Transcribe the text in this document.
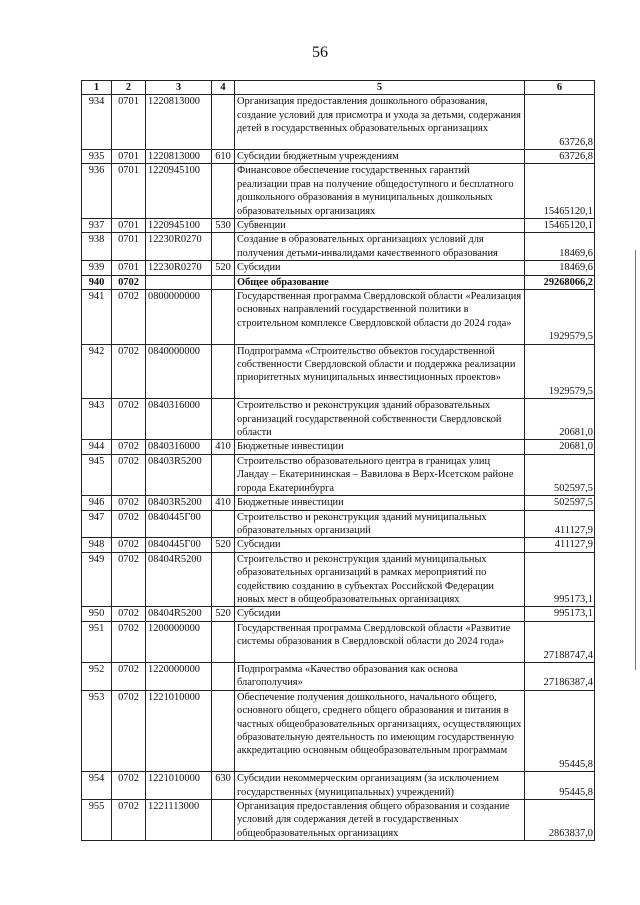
56
1	2	3	4	5	6
934	0701	1220813000		Организация предоставления дошкольного образования, создание условий для присмотра и ухода за детьми, содержания детей в государственных образовательных организациях	63726,8
935	0701	1220813000	610	Субсидии бюджетным учреждениям	63726,8
936	0701	1220945100		Финансовое обеспечение государственных гарантий реализации прав на получение общедоступного и бесплатного дошкольного образования в муниципальных дошкольных образовательных организациях	15465120,1
937	0701	1220945100	530	Субвенции	15465120,1
938	0701	12230R0270		Создание в образовательных организациях условий для получения детьми-инвалидами качественного образования	18469,6
939	0701	12230R0270	520	Субсидии	18469,6
940	0702			Общее образование	29268066,2
941	0702	0800000000		Государственная программа Свердловской области «Реализация основных направлений государственной политики в строительном комплексе Свердловской области до 2024 года»	1929579,5
942	0702	0840000000		Подпрограмма «Строительство объектов государственной собственности Свердловской области и поддержка реализации приоритетных муниципальных инвестиционных проектов»	1929579,5
943	0702	0840316000		Строительство и реконструкция зданий образовательных организаций государственной собственности Свердловской области	20681,0
944	0702	0840316000	410	Бюджетные инвестиции	20681,0
945	0702	08403R5200		Строительство образовательного центра в границах улиц Ландау – Екатерининская – Вавилова в Верх-Исетском районе города Екатеринбурга	502597,5
946	0702	08403R5200	410	Бюджетные инвестиции	502597,5
947	0702	0840445Г00		Строительство и реконструкция зданий муниципальных образовательных организаций	411127,9
948	0702	0840445Г00	520	Субсидии	411127,9
949	0702	08404R5200		Строительство и реконструкция зданий муниципальных образовательных организаций в рамках мероприятий по содействию созданию в субъектах Российской Федерации новых мест в общеобразовательных организациях	995173,1
950	0702	08404R5200	520	Субсидии	995173,1
951	0702	1200000000		Государственная программа Свердловской области «Развитие системы образования в Свердловской области до 2024 года»	27188747,4
952	0702	1220000000		Подпрограмма «Качество образования как основа благополучия»	27186387,4
953	0702	1221010000		Обеспечение получения дошкольного, начального общего, основного общего, среднего общего образования и питания в частных общеобразовательных организациях, осуществляющих образовательную деятельность по имеющим государственную аккредитацию основным общеобразовательным программам	95445,8
954	0702	1221010000	630	Субсидии некоммерческим организациям (за исключением государственных (муниципальных) учреждений)	95445,8
955	0702	1221113000		Организация предоставления общего образования и создание условий для содержания детей в государственных общеобразовательных организациях	2863837,0
